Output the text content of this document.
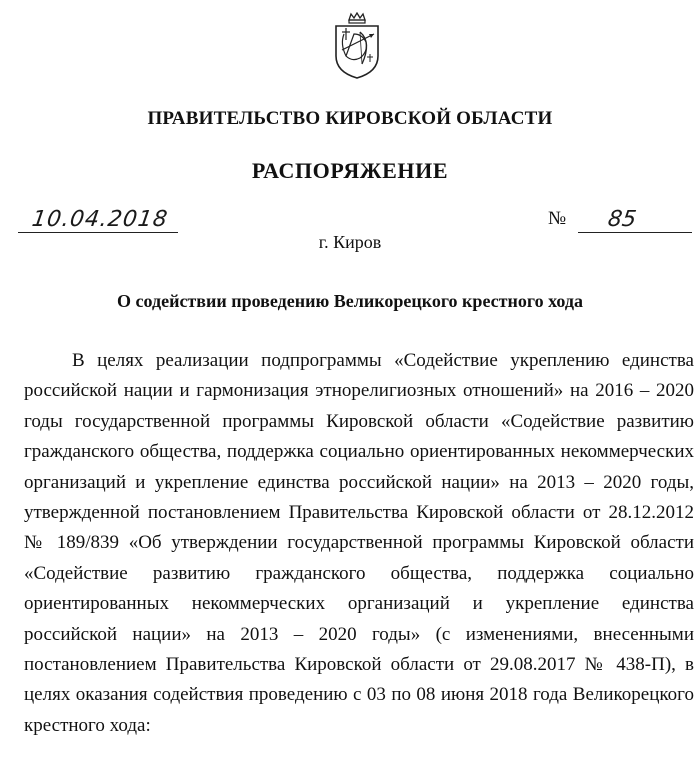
ПРАВИТЕЛЬСТВО КИРОВСКОЙ ОБЛАСТИ
РАСПОРЯЖЕНИЕ
10.04.2018	№ 85
г. Киров
О содействии проведению Великорецкого крестного хода

В целях реализации подпрограммы «Содействие укреплению единства российской нации и гармонизация этнорелигиозных отношений» на 2016 – 2020 годы государственной программы Кировской области «Содействие развитию гражданского общества, поддержка социально ориентированных некоммерческих организаций и укрепление единства российской нации» на 2013 – 2020 годы, утвержденной постановлением Правительства Кировской области от 28.12.2012 № 189/839 «Об утверждении государственной программы Кировской области «Содействие развитию гражданского общества, поддержка социально ориентированных некоммерческих организаций и укрепление единства российской нации» на 2013 – 2020 годы» (с изменениями, внесенными постановлением Правительства Кировской области от 29.08.2017 № 438-П), в целях оказания содействия проведению с 03 по 08 июня 2018 года Великорецкого крестного хода:
